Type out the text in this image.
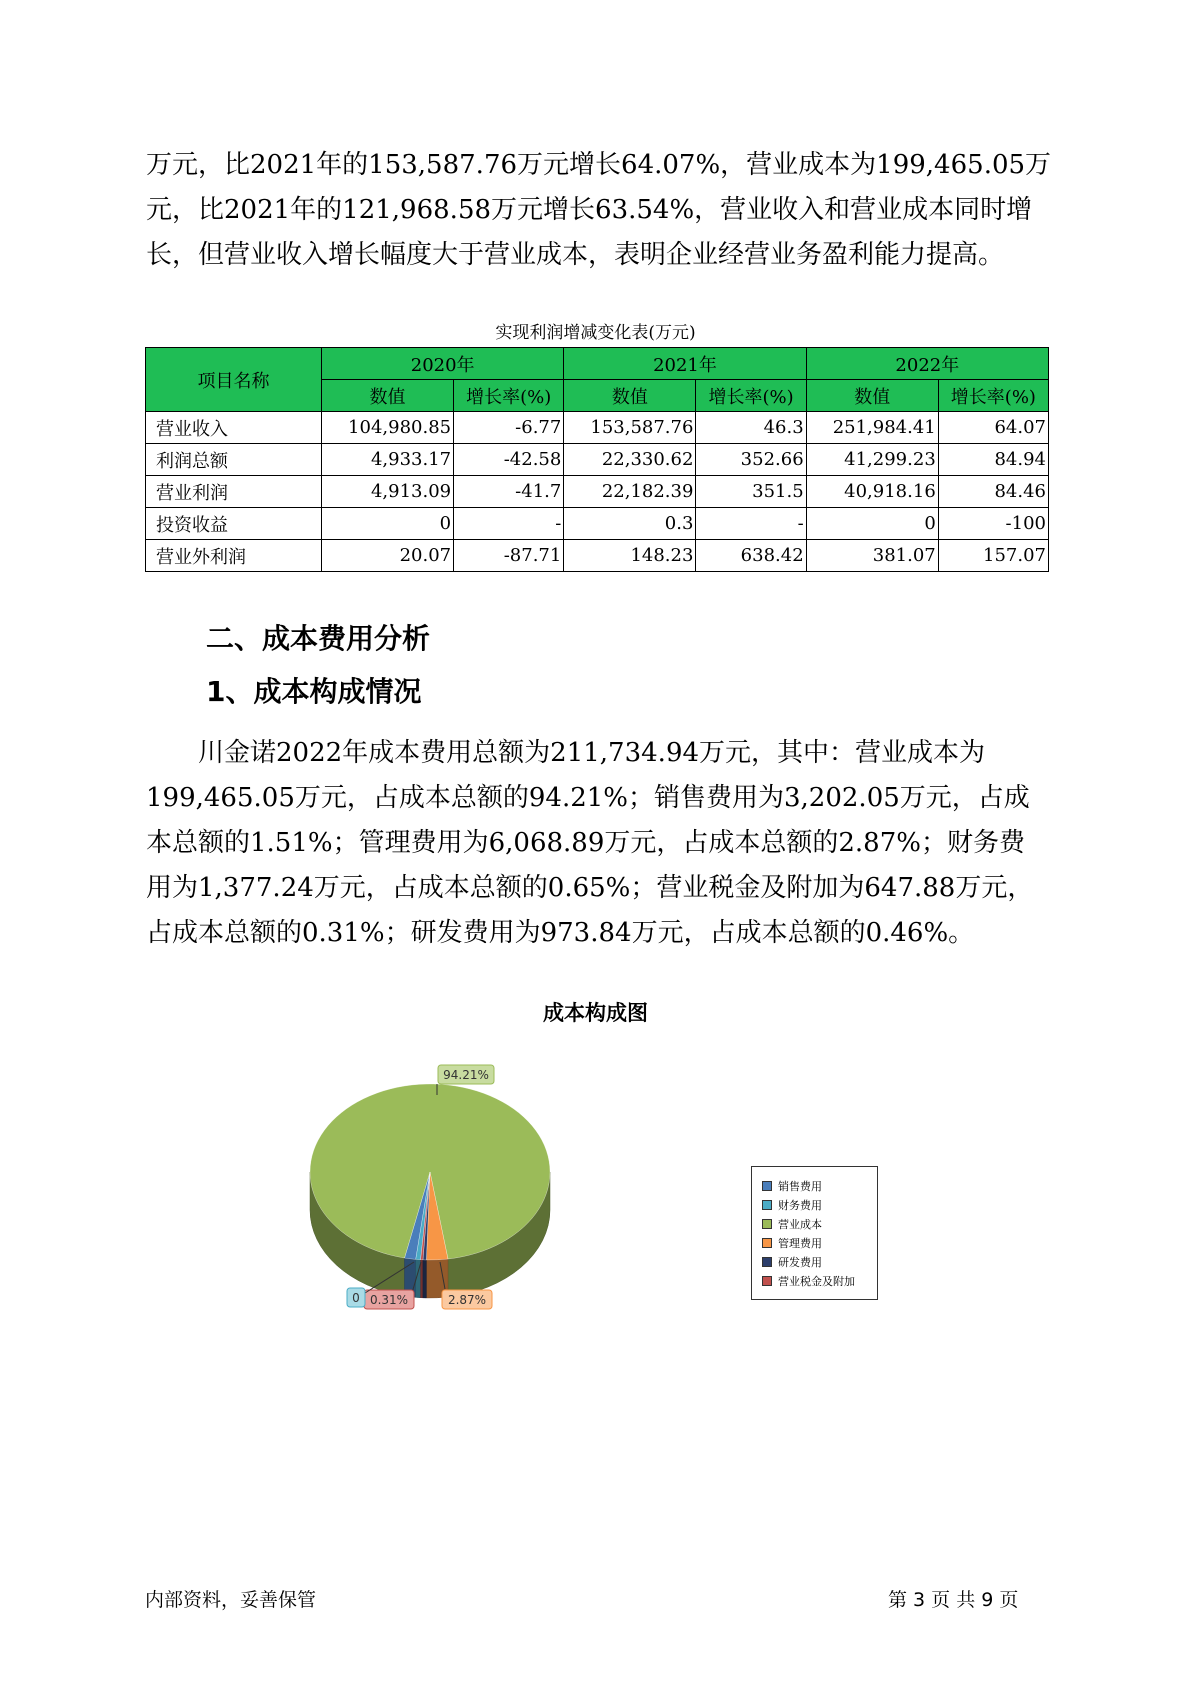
万元，比2021年的153,587.76万元增长64.07%，营业成本为199,465.05万
元，比2021年的121,968.58万元增长63.54%，营业收入和营业成本同时增
长，但营业收入增长幅度大于营业成本，表明企业经营业务盈利能力提高。
实现利润增减变化表(万元)
项目名称	2020年		2021年		2022年	
	数值	增长率(%)	数值	增长率(%)	数值	增长率(%)
营业收入	104,980.85	-6.77	153,587.76	46.3	251,984.41	64.07
利润总额	4,933.17	-42.58	22,330.62	352.66	41,299.23	84.94
营业利润	4,913.09	-41.7	22,182.39	351.5	40,918.16	84.46
投资收益	0	-	0.3	-	0	-100
营业外利润	20.07	-87.71	148.23	638.42	381.07	157.07
二、成本费用分析
1、成本构成情况
川金诺2022年成本费用总额为211,734.94万元，其中：营业成本为
199,465.05万元，占成本总额的94.21%；销售费用为3,202.05万元，占成
本总额的1.51%；管理费用为6,068.89万元，占成本总额的2.87%；财务费
用为1,377.24万元，占成本总额的0.65%；营业税金及附加为647.88万元，
占成本总额的0.31%；研发费用为973.84万元，占成本总额的0.46%。
成本构成图
94.21%
2.87%
0.31%
0
销售费用
财务费用
营业成本
管理费用
研发费用
营业税金及附加
内部资料，妥善保管	第 3 页 共 9 页
